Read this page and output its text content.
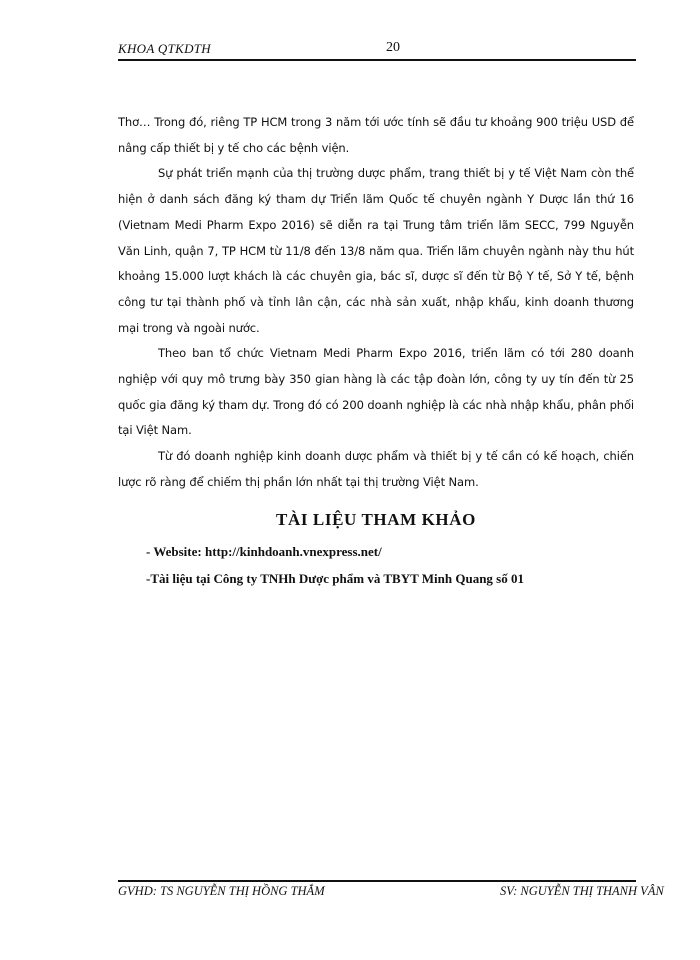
KHOA QTKDTH	20

Thơ… Trong đó, riêng TP HCM trong 3 năm tới ước tính sẽ đầu tư khoảng 900 triệu USD để nâng cấp thiết bị y tế cho các bệnh viện.

Sự phát triển mạnh của thị trường dược phẩm, trang thiết bị y tế Việt Nam còn thể hiện ở danh sách đăng ký tham dự Triển lãm Quốc tế chuyên ngành Y Dược lần thứ 16 (Vietnam Medi Pharm Expo 2016) sẽ diễn ra tại Trung tâm triển lãm SECC, 799 Nguyễn Văn Linh, quận 7, TP HCM từ 11/8 đến 13/8 năm qua. Triển lãm chuyên ngành này thu hút khoảng 15.000 lượt khách là các chuyên gia, bác sĩ, dược sĩ đến từ Bộ Y tế, Sở Y tế, bệnh công tư tại thành phố và tỉnh lân cận, các nhà sản xuất, nhập khẩu, kinh doanh thương mại trong và ngoài nước.

Theo ban tổ chức Vietnam Medi Pharm Expo 2016, triển lãm có tới 280 doanh nghiệp với quy mô trưng bày 350 gian hàng là các tập đoàn lớn, công ty uy tín đến từ 25 quốc gia đăng ký tham dự. Trong đó có 200 doanh nghiệp là các nhà nhập khẩu, phân phối tại Việt Nam.

Từ đó doanh nghiệp kinh doanh dược phẩm và thiết bị y tế cần có kế hoạch, chiến lược rõ ràng để chiếm thị phần lớn nhất tại thị trường Việt Nam.

TÀI LIỆU THAM KHẢO
- Website: http://kinhdoanh.vnexpress.net/
-Tài liệu tại Công ty TNHh Dược phẩm và TBYT Minh Quang số 01
GVHD: TS NGUYỄN THỊ HỒNG THẮM	SV: NGUYỄN THỊ THANH VÂN
